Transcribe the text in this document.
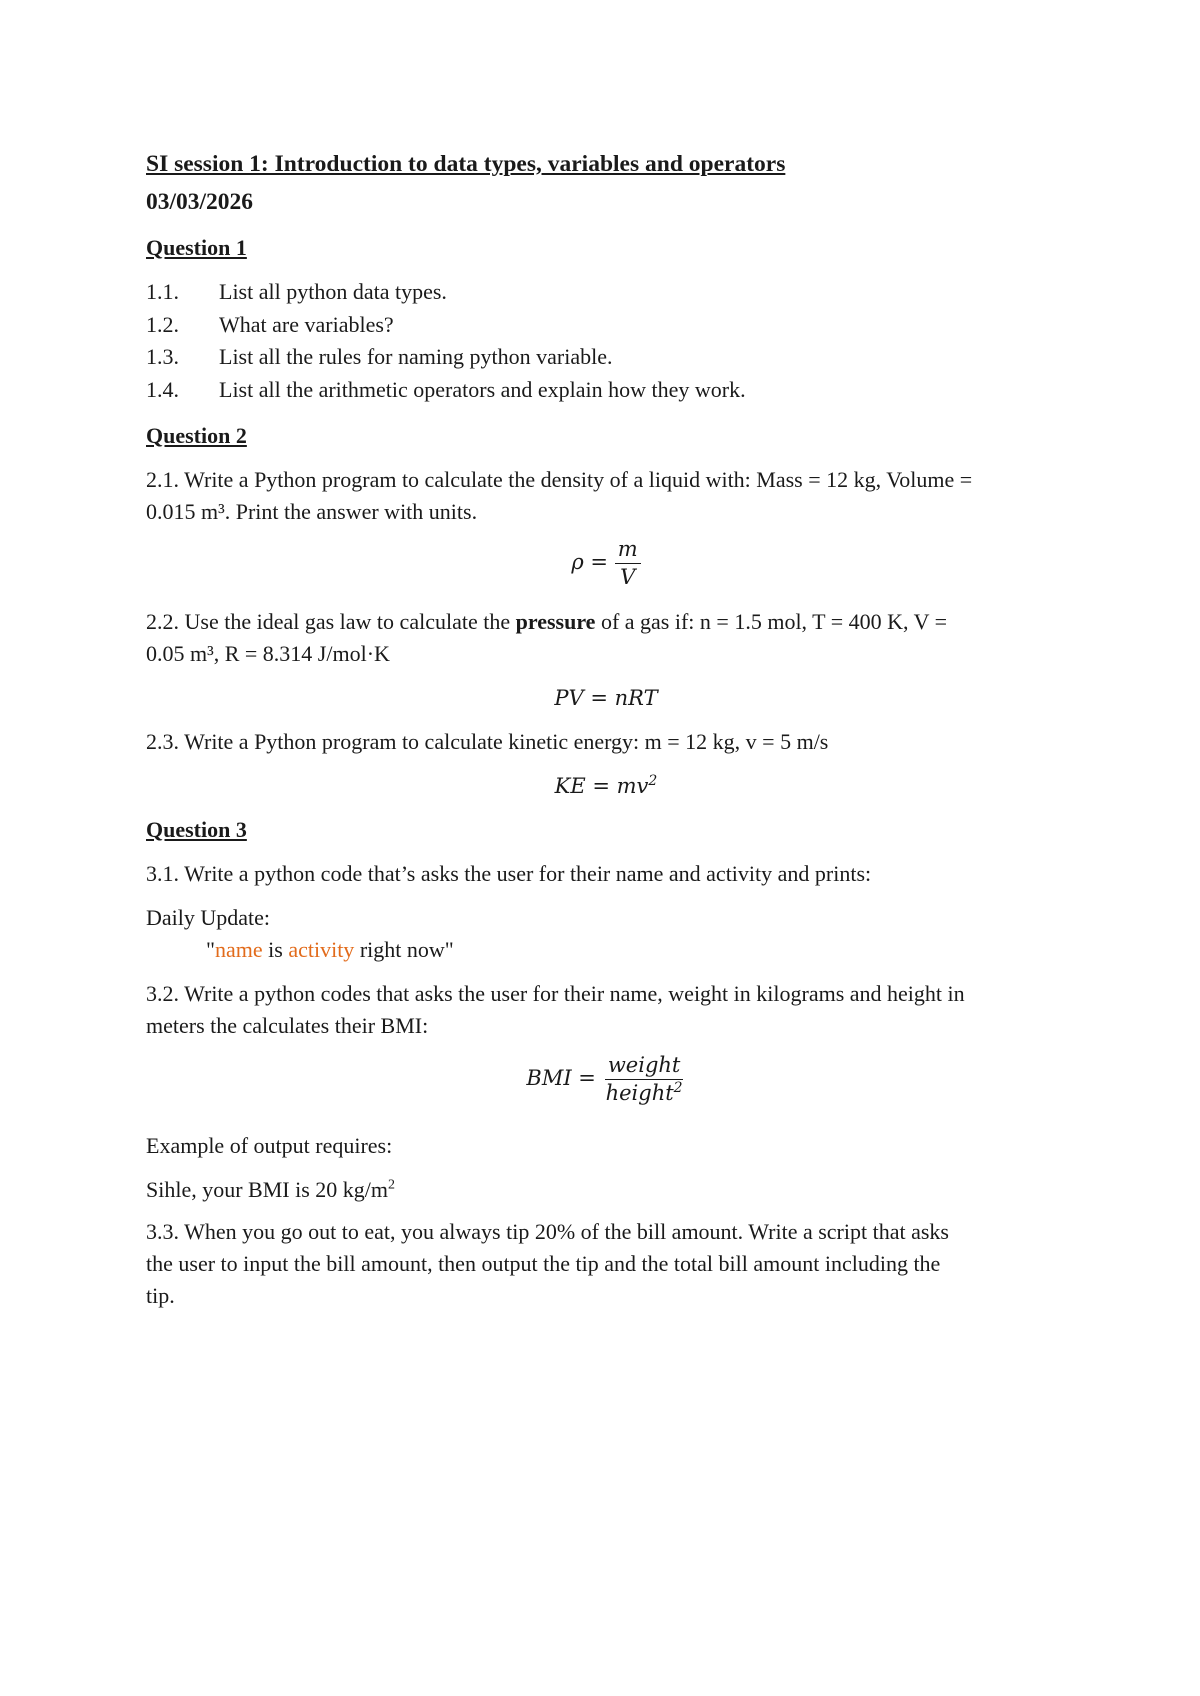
SI session 1: Introduction to data types, variables and operators

03/03/2026

Question 1

1.1.	List all python data types.
1.2.	What are variables?
1.3.	List all the rules for naming python variable.
1.4.	List all the arithmetic operators and explain how they work.

Question 2

2.1. Write a Python program to calculate the density of a liquid with: Mass = 12 kg, Volume =
0.015 m³. Print the answer with units.

$\rho = \frac{m}{V}$

2.2. Use the ideal gas law to calculate the pressure of a gas if: n = 1.5 mol, T = 400 K, V =
0.05 m³, R = 8.314 J/mol·K

PV = nRT

2.3. Write a Python program to calculate kinetic energy: m = 12 kg, v = 5 m/s

KE = $mv^2$

Question 3

3.1. Write a python code that’s asks the user for their name and activity and prints:

Daily Update:

"name is activity right now"

3.2. Write a python codes that asks the user for their name, weight in kilograms and height in
meters the calculates their BMI:

BMI = $\frac{\text{weight}}{height^2}$

Example of output requires:

Sihle, your BMI is 20 $kg/m^2$

3.3. When you go out to eat, you always tip 20% of the bill amount. Write a script that asks
the user to input the bill amount, then output the tip and the total bill amount including the
tip.
